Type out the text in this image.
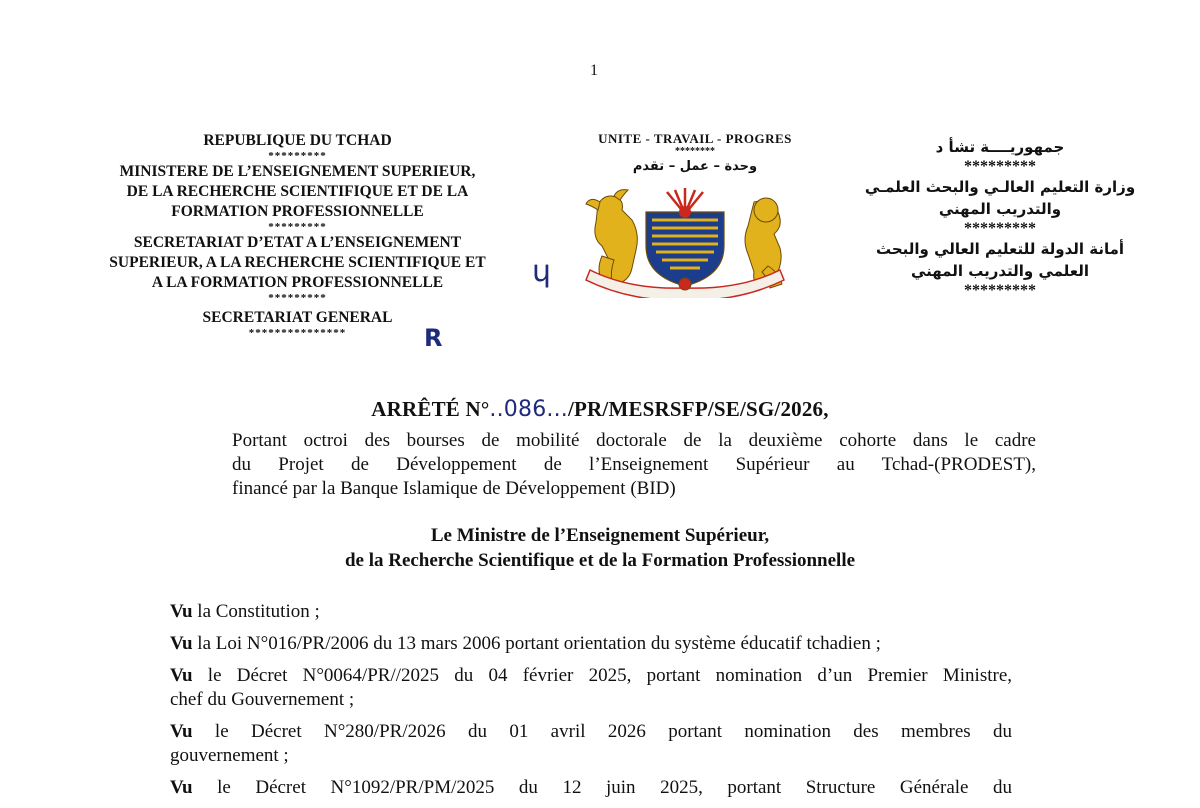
1
REPUBLIQUE DU TCHAD
*********
MINISTERE DE L’ENSEIGNEMENT SUPERIEUR,
DE LA RECHERCHE SCIENTIFIQUE ET DE LA
FORMATION PROFESSIONNELLE
*********
SECRETARIAT D’ETAT A L’ENSEIGNEMENT
SUPERIEUR, A LA RECHERCHE SCIENTIFIQUE ET
A LA FORMATION PROFESSIONNELLE
*********
SECRETARIAT GENERAL
***************
ɥ
R
UNITE - TRAVAIL - PROGRES
********
وحدة – عمل – تقدم
جمهوريــــة تشأ د
*********
وزارة التعليم العالـي والبحث العلمـي
والتدريب المهني
*********
أمانة الدولة للتعليم العالي والبحث
العلمي والتدريب المهني
*********
ARRÊTÉ N°..086.../PR/MESRSFP/SE/SG/2026,
Portant octroi des bourses de mobilité doctorale de la deuxième cohorte dans le cadre
du Projet de Développement de l’Enseignement Supérieur au Tchad-(PRODEST),
financé par la Banque Islamique de Développement (BID)
Le Ministre de l’Enseignement Supérieur,
de la Recherche Scientifique et de la Formation Professionnelle
Vu la Constitution ;
Vu la Loi N°016/PR/2006 du 13 mars 2006 portant orientation du système éducatif tchadien ;
Vu le Décret N°0064/PR//2025 du 04 février 2025, portant nomination d’un Premier Ministre,
chef du Gouvernement ;
Vu le Décret N°280/PR/2026 du 01 avril 2026 portant nomination des membres du
gouvernement ;
Vu le Décret N°1092/PR/PM/2025 du 12 juin 2025, portant Structure Générale du
